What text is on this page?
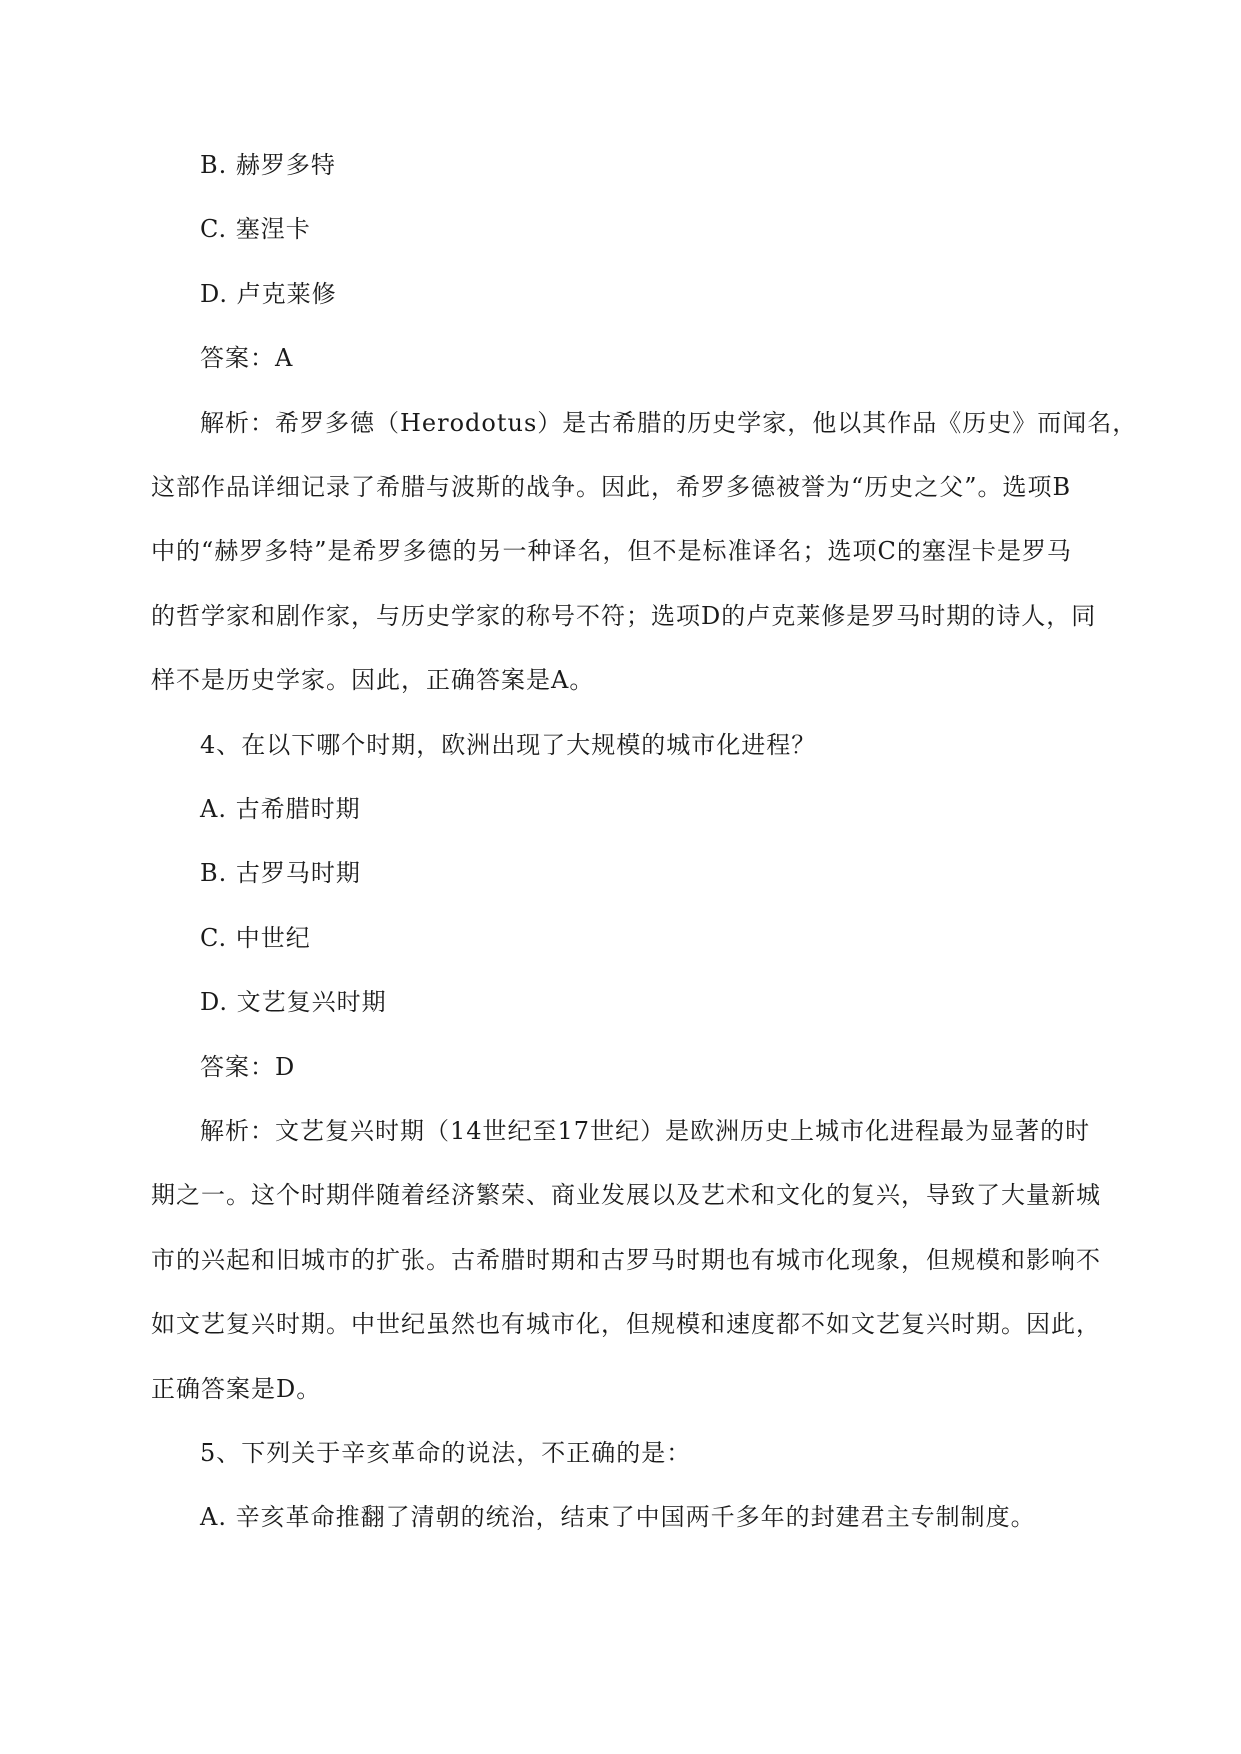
B. 赫罗多特
C. 塞涅卡
D. 卢克莱修
答案：A
解析：希罗多德（Herodotus）是古希腊的历史学家，他以其作品《历史》而闻名，
这部作品详细记录了希腊与波斯的战争。因此，希罗多德被誉为“历史之父”。选项B
中的“赫罗多特”是希罗多德的另一种译名，但不是标准译名；选项C的塞涅卡是罗马
的哲学家和剧作家，与历史学家的称号不符；选项D的卢克莱修是罗马时期的诗人，同
样不是历史学家。因此，正确答案是A。
4、在以下哪个时期，欧洲出现了大规模的城市化进程？
A. 古希腊时期
B. 古罗马时期
C. 中世纪
D. 文艺复兴时期
答案：D
解析：文艺复兴时期（14世纪至17世纪）是欧洲历史上城市化进程最为显著的时
期之一。这个时期伴随着经济繁荣、商业发展以及艺术和文化的复兴，导致了大量新城
市的兴起和旧城市的扩张。古希腊时期和古罗马时期也有城市化现象，但规模和影响不
如文艺复兴时期。中世纪虽然也有城市化，但规模和速度都不如文艺复兴时期。因此，
正确答案是D。
5、下列关于辛亥革命的说法，不正确的是：
A. 辛亥革命推翻了清朝的统治，结束了中国两千多年的封建君主专制制度。
